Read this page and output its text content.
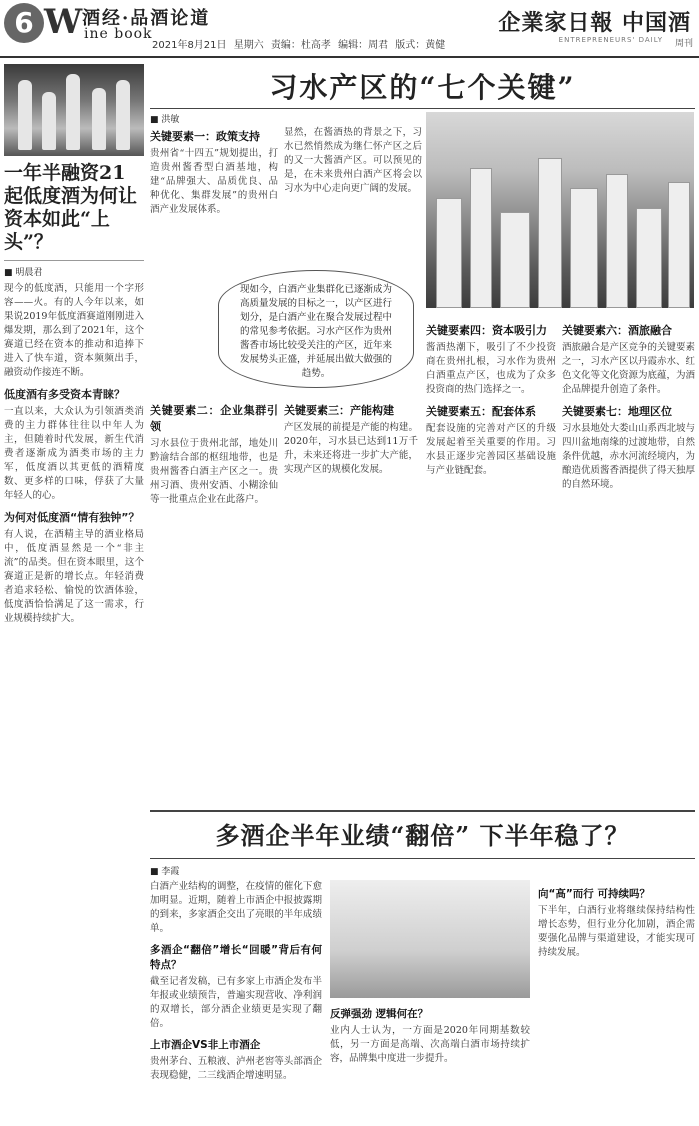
6 W 酒经·品酒论道
ine book
2021年8月21日 星期六 责编：杜高孝 编辑：周君 版式：黄健
企業家日報 中国酒
ENTREPRENEURS' DAILY 周刊
一年半融资21起低度酒为何让资本如此“上头”？
■ 明晨君
现今的低度酒，只能用一个字形容——火。有的人今年以来，如果说2019年低度酒赛道刚刚进入爆发期，那么到了2021年，这个赛道已经在资本的推动和追捧下进入了快车道，资本频频出手，融资动作接连不断。
低度酒有多受资本青睐？
一直以来，大众认为引领酒类消费的主力群体往往以中年人为主，但随着时代发展，新生代消费者逐渐成为酒类市场的主力军，低度酒以其更低的酒精度数、更多样的口味，俘获了大量年轻人的心。
为何对低度酒“情有独钟”？
有人说，在酒精主导的酒业格局中，低度酒显然是一个“非主流”的品类。但在资本眼里，这个赛道正是新的增长点。年轻消费者追求轻松、愉悦的饮酒体验，低度酒恰恰满足了这一需求，行业规模持续扩大。
习水产区的“七个关键”
■ 洪敏
关键要素一：政策支持
贵州省“十四五”规划提出，打造贵州酱香型白酒基地，构建“品牌强大、品质优良、品种优化、集群发展”的贵州白酒产业发展体系。
显然，在酱酒热的背景之下，习水已然悄然成为继仁怀产区之后的又一大酱酒产区。可以预见的是，在未来贵州白酒产区将会以习水为中心走向更广阔的发展。
现如今，白酒产业集群化已逐渐成为高质量发展的目标之一，以产区进行划分，是白酒产业在聚合发展过程中的常见参考依据。习水产区作为贵州酱香市场比较受关注的产区，近年来发展势头正盛，并延展出做大做强的趋势。
关键要素二：企业集群引领
习水县位于贵州北部，地处川黔渝结合部的枢纽地带，也是贵州酱香白酒主产区之一。贵州习酒、贵州安酒、小糊涂仙等一批重点企业在此落户。
关键要素三：产能构建
产区发展的前提是产能的构建。2020年，习水县已达到11万千升，未来还将进一步扩大产能，实现产区的规模化发展。
关键要素四：资本吸引力
酱酒热潮下，吸引了不少投资商在贵州扎根，习水作为贵州白酒重点产区，也成为了众多投资商的热门选择之一。
关键要素五：配套体系
配套设施的完善对产区的升级发展起着至关重要的作用。习水县正逐步完善园区基础设施与产业链配套。
关键要素六：酒旅融合
酒旅融合是产区竞争的关键要素之一，习水产区以丹霞赤水、红色文化等文化资源为底蕴，为酒企品牌提升创造了条件。
关键要素七：地理区位
习水县地处大娄山山系西北坡与四川盆地南缘的过渡地带，自然条件优越，赤水河流经境内，为酿造优质酱香酒提供了得天独厚的自然环境。
多酒企半年业绩“翻倍” 下半年稳了？
■ 李霞
白酒产业结构的调整，在疫情的催化下愈加明显。近期，随着上市酒企中报披露期的到来，多家酒企交出了亮眼的半年成绩单。
多酒企“翻倍”增长“回暖”背后有何特点？
截至记者发稿，已有多家上市酒企发布半年报或业绩预告，普遍实现营收、净利润的双增长，部分酒企业绩更是实现了翻倍。
上市酒企VS非上市酒企
贵州茅台、五粮液、泸州老窖等头部酒企表现稳健，二三线酒企增速明显。
反弹强劲 逻辑何在？
业内人士认为，一方面是2020年同期基数较低，另一方面是高端、次高端白酒市场持续扩容，品牌集中度进一步提升。
向“高”而行 可持续吗？
下半年，白酒行业将继续保持结构性增长态势，但行业分化加剧，酒企需要强化品牌与渠道建设，才能实现可持续发展。
